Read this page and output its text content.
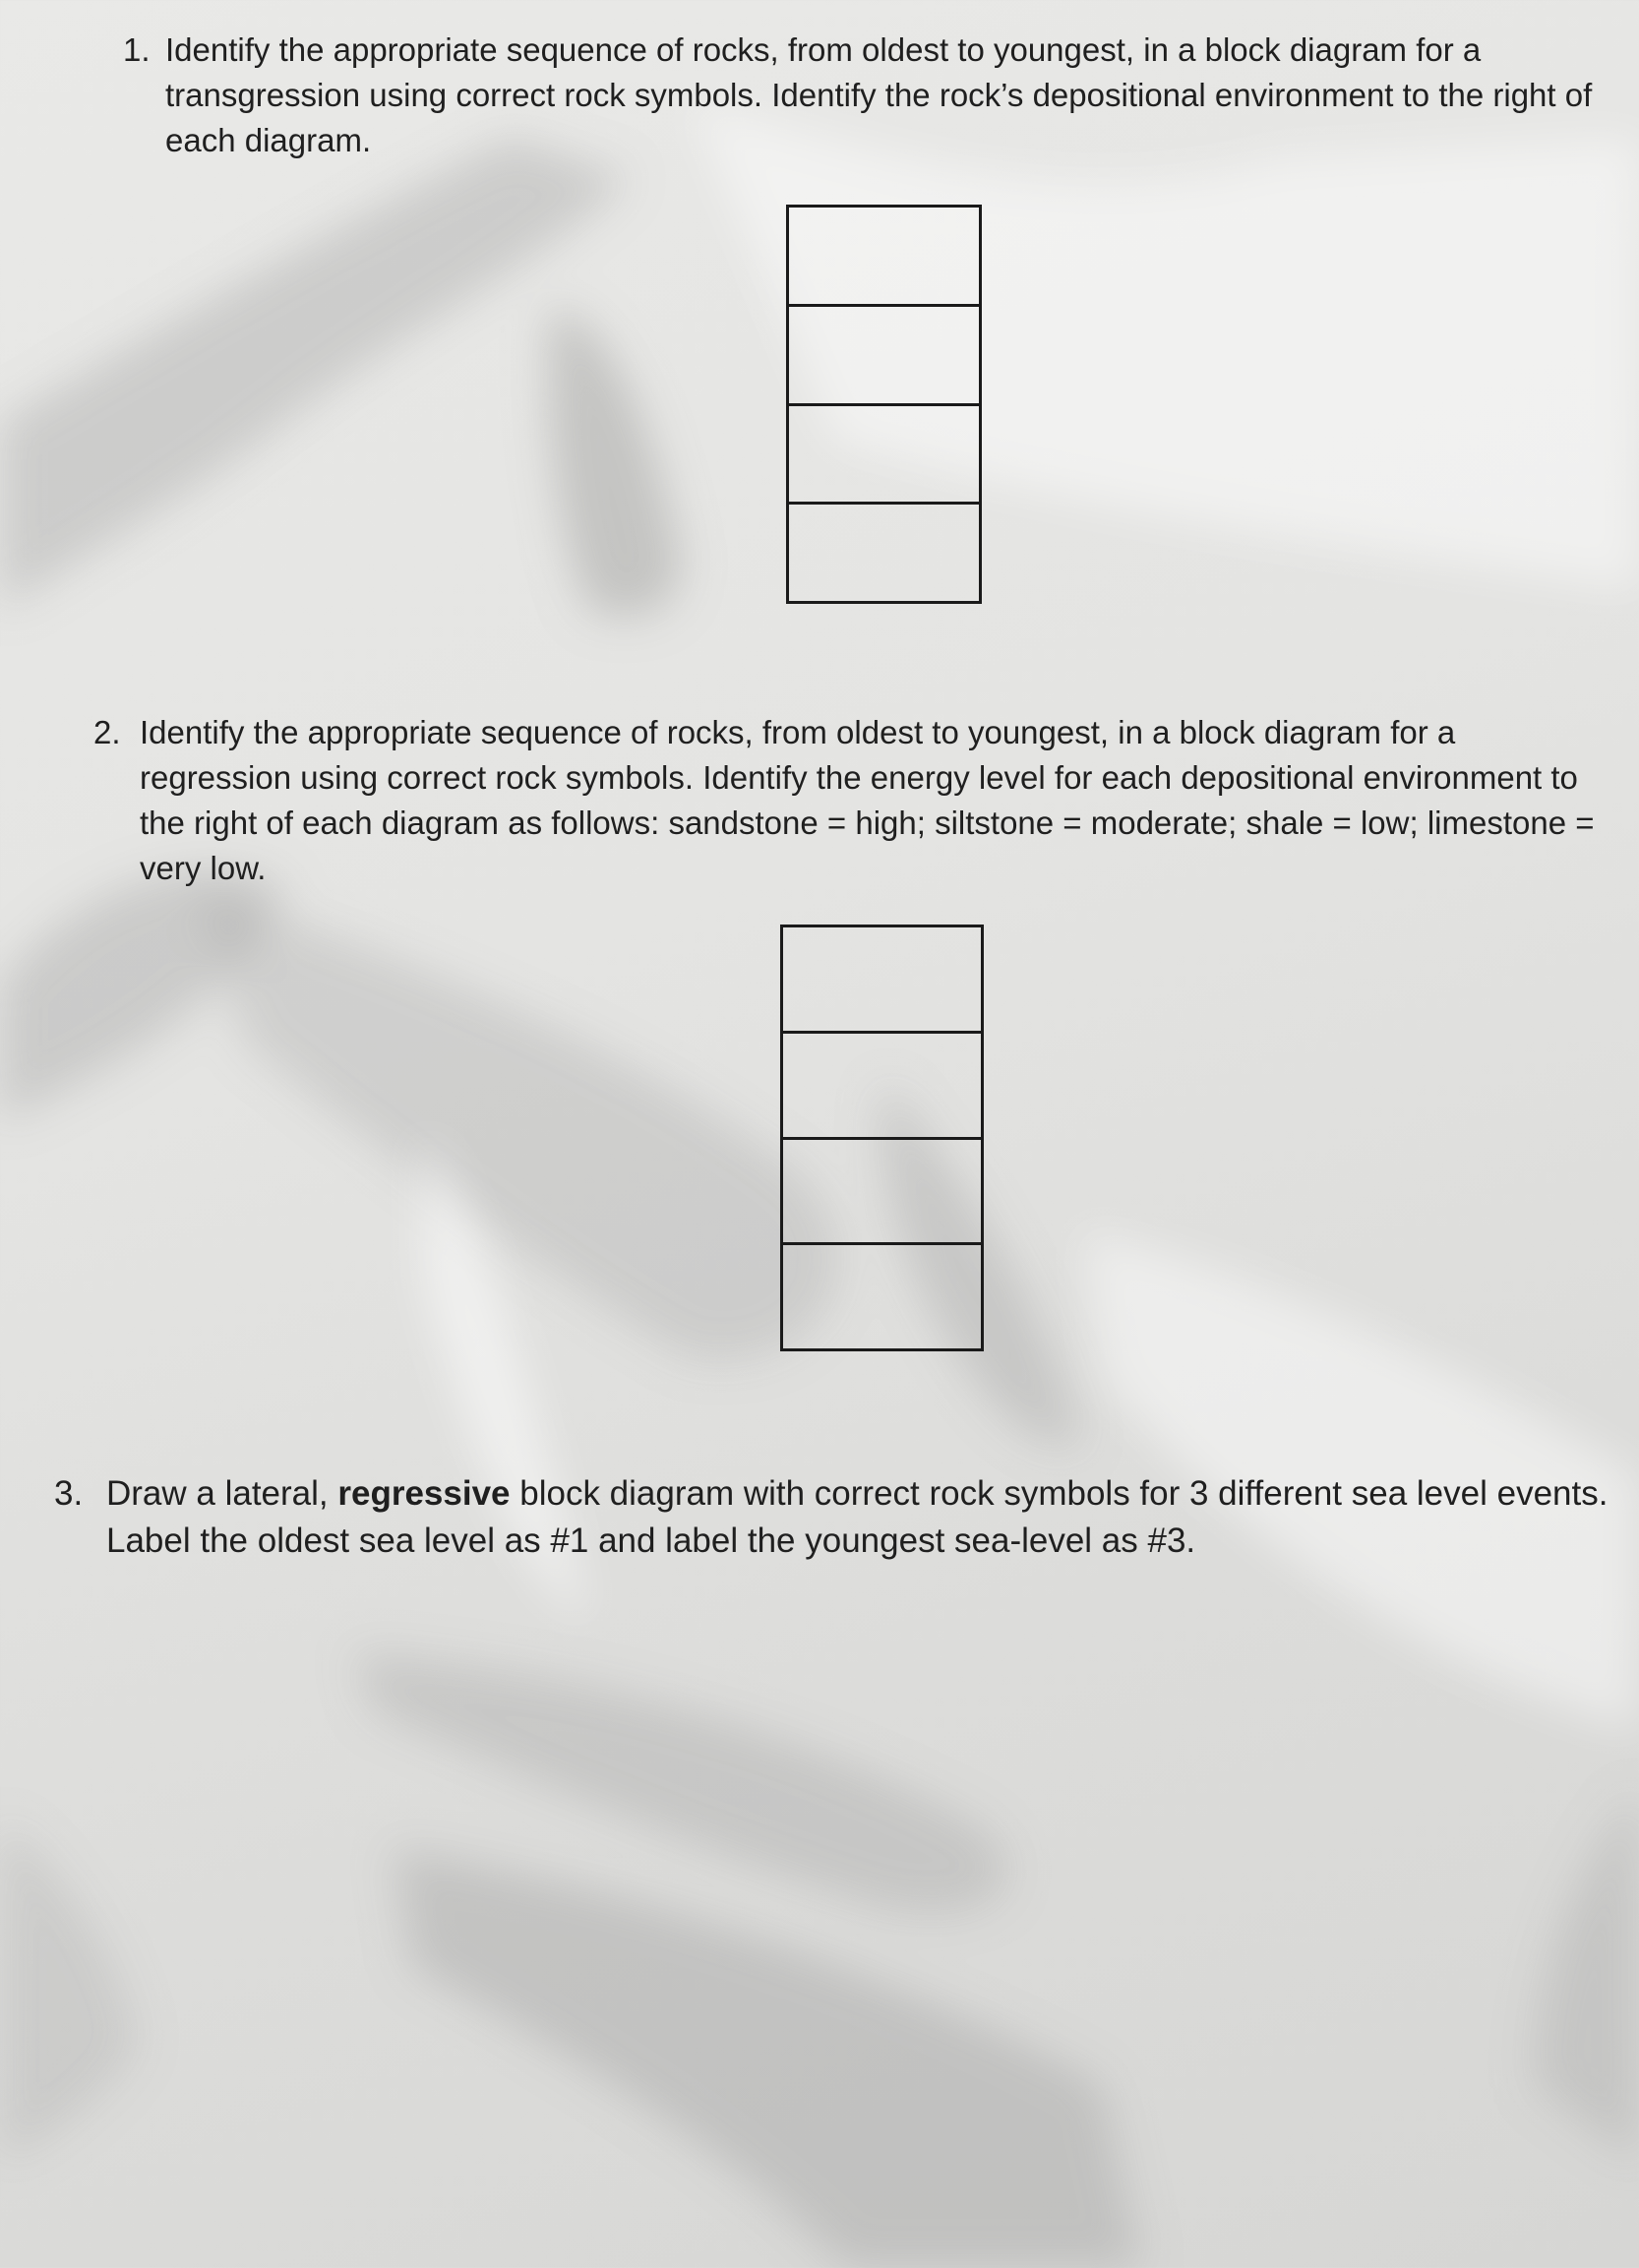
1. Identify the appropriate sequence of rocks, from oldest to youngest, in a block diagram for a transgression using correct rock symbols. Identify the rock’s depositional environment to the right of each diagram.
2. Identify the appropriate sequence of rocks, from oldest to youngest, in a block diagram for a regression using correct rock symbols. Identify the energy level for each depositional environment to the right of each diagram as follows: sandstone = high; siltstone = moderate; shale = low; limestone = very low.
3. Draw a lateral, regressive block diagram with correct rock symbols for 3 different sea level events. Label the oldest sea level as #1 and label the youngest sea-level as #3.
